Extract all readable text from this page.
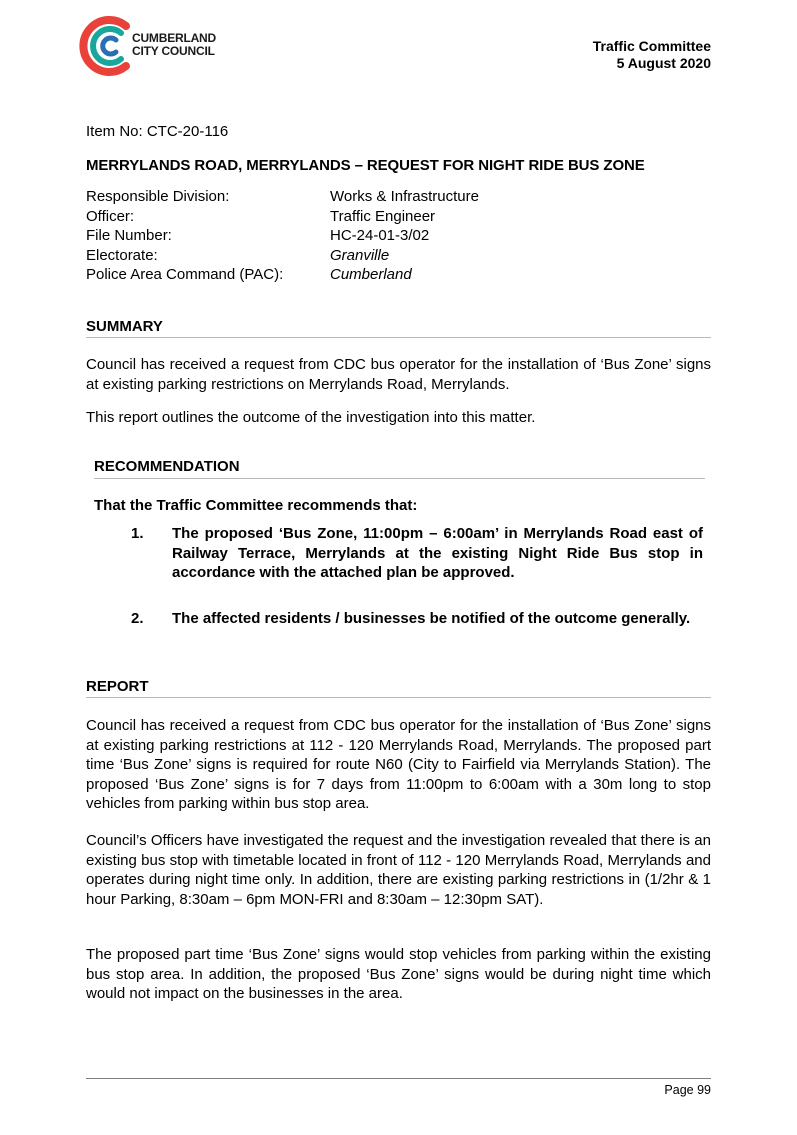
CUMBERLAND
CITY COUNCIL	Traffic Committee
5 August 2020
Item No: CTC-20-116
MERRYLANDS ROAD, MERRYLANDS – REQUEST FOR NIGHT RIDE BUS ZONE
Responsible Division:	Works & Infrastructure
Officer:	Traffic Engineer
File Number:	HC-24-01-3/02
Electorate:	Granville
Police Area Command (PAC):	Cumberland
SUMMARY
Council has received a request from CDC bus operator for the installation of ‘Bus Zone’ signs at existing parking restrictions on Merrylands Road, Merrylands.
This report outlines the outcome of the investigation into this matter.
RECOMMENDATION
That the Traffic Committee recommends that:
1.	The proposed ‘Bus Zone, 11:00pm – 6:00am’ in Merrylands Road east of Railway Terrace, Merrylands at the existing Night Ride Bus stop in accordance with the attached plan be approved.
2.	The affected residents / businesses be notified of the outcome generally.
REPORT
Council has received a request from CDC bus operator for the installation of ‘Bus Zone’ signs at existing parking restrictions at 112 - 120 Merrylands Road, Merrylands. The proposed part time ‘Bus Zone’ signs is required for route N60 (City to Fairfield via Merrylands Station). The proposed ‘Bus Zone’ signs is for 7 days from 11:00pm to 6:00am with a 30m long to stop vehicles from parking within bus stop area.
Council’s Officers have investigated the request and the investigation revealed that there is an existing bus stop with timetable located in front of 112 - 120 Merrylands Road, Merrylands and operates during night time only. In addition, there are existing parking restrictions in (1/2hr & 1 hour Parking, 8:30am – 6pm MON-FRI and 8:30am – 12:30pm SAT).
The proposed part time ‘Bus Zone’ signs would stop vehicles from parking within the existing bus stop area. In addition, the proposed ‘Bus Zone’ signs would be during night time which would not impact on the businesses in the area.
Page 99
